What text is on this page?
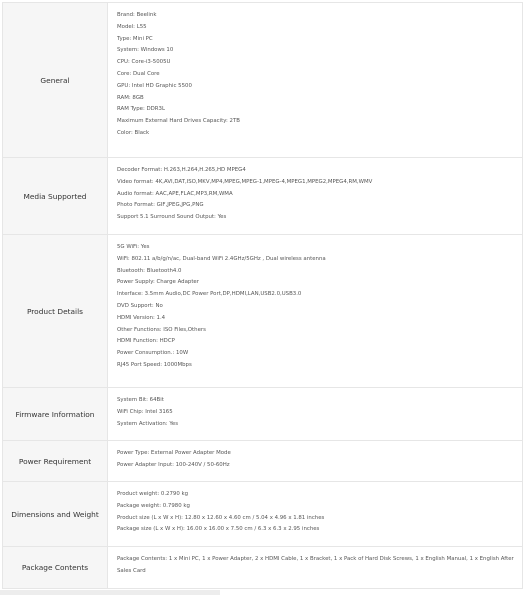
General
Brand: Beelink
Model: L55
Type: Mini PC
System: Windows 10
CPU: Core-i3-5005U
Core: Dual Core
GPU: Intel HD Graphic 5500
RAM: 8GB
RAM Type: DDR3L
Maximum External Hard Drives Capacity: 2TB
Color: Black
Media Supported
Decoder Format: H.263,H.264,H.265,HD MPEG4
Video format: 4K,AVI,DAT,ISO,MKV,MP4,MPEG,MPEG-1,MPEG-4,MPEG1,MPEG2,MPEG4,RM,WMV
Audio format: AAC,APE,FLAC,MP3,RM,WMA
Photo Format: GIF,JPEG,JPG,PNG
Support 5.1 Surround Sound Output: Yes
Product Details
5G WiFi: Yes
WiFi: 802.11 a/b/g/n/ac, Dual-band WiFi 2.4GHz/5GHz , Dual wireless antenna
Bluetooth: Bluetooth4.0
Power Supply: Charge Adapter
Interface: 3.5mm Audio,DC Power Port,DP,HDMI,LAN,USB2.0,USB3.0
DVD Support: No
HDMI Version: 1.4
Other Functions: ISO Files,Others
HDMI Function: HDCP
Power Consumption.: 10W
RJ45 Port Speed: 1000Mbps
Firmware Information
System Bit: 64Bit
WiFi Chip: Intel 3165
System Activation: Yes
Power Requirement
Power Type: External Power Adapter Mode
Power Adapter Input: 100-240V / 50-60Hz
Dimensions and Weight
Product weight: 0.2790 kg
Package weight: 0.7980 kg
Product size (L x W x H): 12.80 x 12.60 x 4.60 cm / 5.04 x 4.96 x 1.81 inches
Package size (L x W x H): 16.00 x 16.00 x 7.50 cm / 6.3 x 6.3 x 2.95 inches
Package Contents
Package Contents: 1 x Mini PC, 1 x Power Adapter, 2 x HDMI Cable, 1 x Bracket, 1 x Pack of Hard Disk Screws, 1 x English Manual, 1 x English After Sales Card
